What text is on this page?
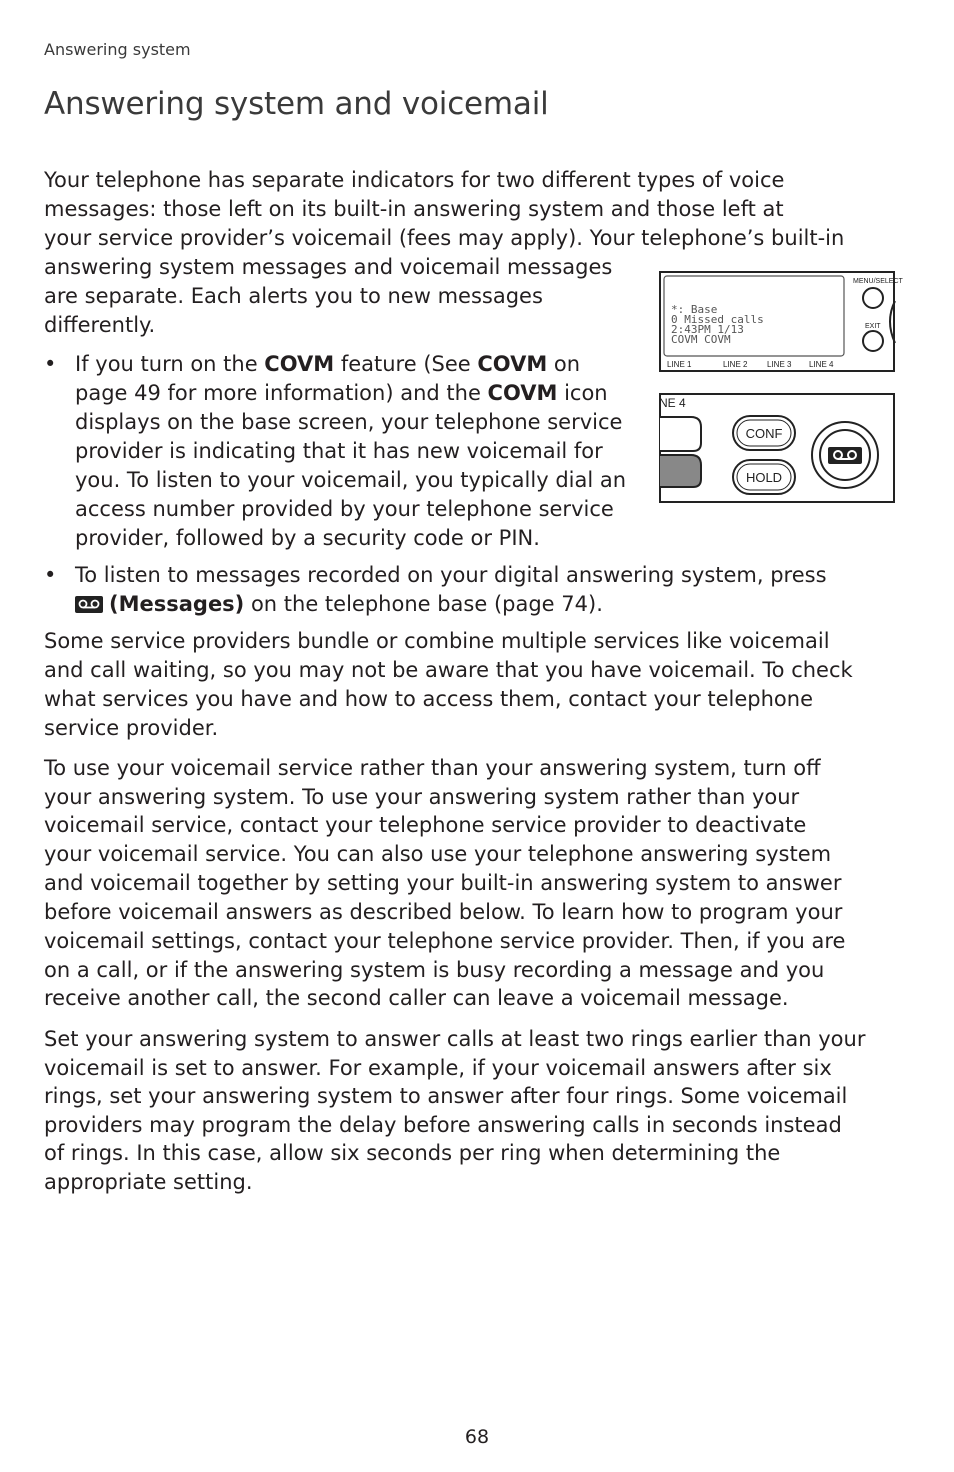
Answering system

Answering system and voicemail

Your telephone has separate indicators for two different types of voice

messages: those left on its built-in answering system and those left at

your service provider’s voicemail (fees may apply). Your telephone’s built-in

answering system messages and voicemail messages

are separate. Each alerts you to new messages

differently.

*: Base
0 Missed calls
2:43PM 1/13
COVM COVM
MENU/SELECT
EXIT
LINE 1	LINE 2 LINE 3 LINE 4
NE 4
CONF
HOLD
• If you turn on the COVM feature (See COVM on

page 49 for more information) and the COVM icon

displays on the base screen, your telephone service

provider is indicating that it has new voicemail for

you. To listen to your voicemail, you typically dial an

access number provided by your telephone service

provider, followed by a security code or PIN.

• To listen to messages recorded on your digital answering system, press

(Messages) on the telephone base (page 74).

Some service providers bundle or combine multiple services like voicemail

and call waiting, so you may not be aware that you have voicemail. To check

what services you have and how to access them, contact your telephone

service provider.

To use your voicemail service rather than your answering system, turn off

your answering system. To use your answering system rather than your

voicemail service, contact your telephone service provider to deactivate

your voicemail service. You can also use your telephone answering system

and voicemail together by setting your built-in answering system to answer

before voicemail answers as described below. To learn how to program your

voicemail settings, contact your telephone service provider. Then, if you are

on a call, or if the answering system is busy recording a message and you

receive another call, the second caller can leave a voicemail message.

Set your answering system to answer calls at least two rings earlier than your

voicemail is set to answer. For example, if your voicemail answers after six

rings, set your answering system to answer after four rings. Some voicemail

providers may program the delay before answering calls in seconds instead

of rings. In this case, allow six seconds per ring when determining the

appropriate setting.

68
